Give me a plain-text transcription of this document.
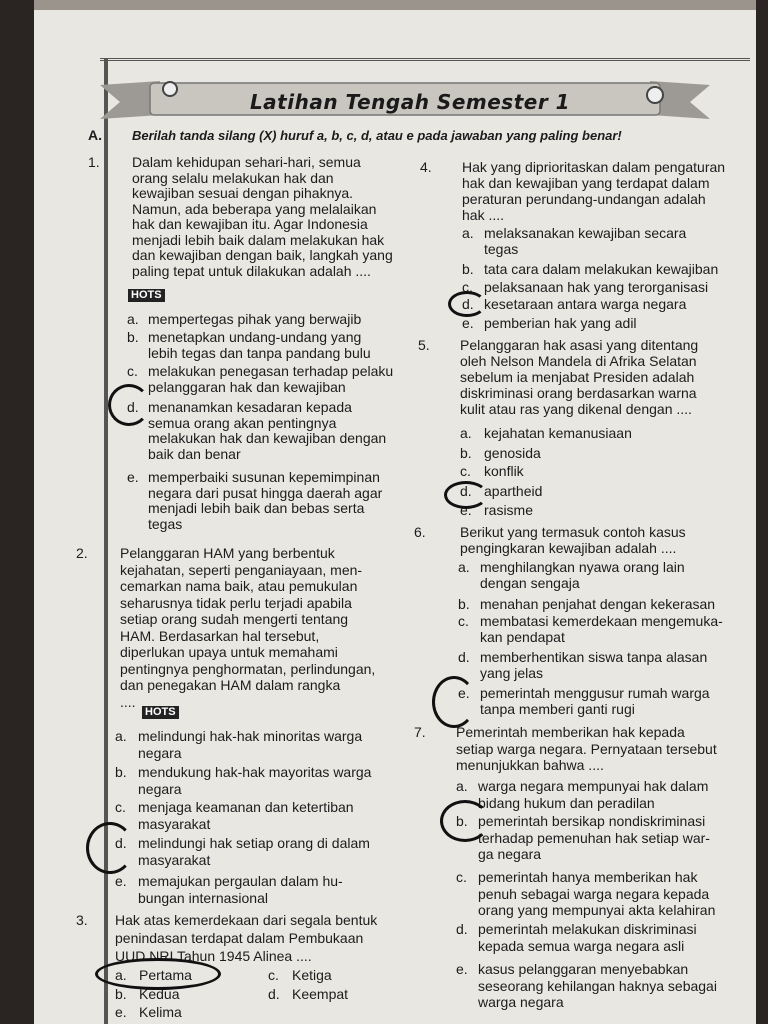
Latihan Tengah Semester 1
A. Berilah tanda silang (X) huruf a, b, c, d, atau e pada jawaban yang paling benar!
1. Dalam kehidupan sehari-hari, semua
orang selalu melakukan hak dan
kewajiban sesuai dengan pihaknya.
Namun, ada beberapa yang melalaikan
hak dan kewajiban itu. Agar Indonesia
menjadi lebih baik dalam melakukan hak
dan kewajiban dengan baik, langkah yang
paling tepat untuk dilakukan adalah ....
a. mempertegas pihak yang berwajib
b. menetapkan undang-undang yang
lebih tegas dan tanpa pandang bulu
c. melakukan penegasan terhadap pelaku
pelanggaran hak dan kewajiban
d. menanamkan kesadaran kepada
semua orang akan pentingnya
melakukan hak dan kewajiban dengan
baik dan benar
e. memperbaiki susunan kepemimpinan
negara dari pusat hingga daerah agar
menjadi lebih baik dan bebas serta
tegas
HOTS
2. Pelanggaran HAM yang berbentuk
kejahatan, seperti penganiayaan, men-
cemarkan nama baik, atau pemukulan
seharusnya tidak perlu terjadi apabila
setiap orang sudah mengerti tentang
HAM. Berdasarkan hal tersebut,
diperlukan upaya untuk memahami
pentingnya penghormatan, perlindungan,
dan penegakan HAM dalam rangka
....
a. melindungi hak-hak minoritas warga
negara
b. mendukung hak-hak mayoritas warga
negara
c. menjaga keamanan dan ketertiban
masyarakat
d. melindungi hak setiap orang di dalam
masyarakat
e. memajukan pergaulan dalam hu-
bungan internasional
HOTS
3. Hak atas kemerdekaan dari segala bentuk
penindasan terdapat dalam Pembukaan
UUD NRI Tahun 1945 Alinea ....
a. Pertama	c. Ketiga
b. Kedua	d. Keempat
e. Kelima
4. Hak yang diprioritaskan dalam pengaturan
hak dan kewajiban yang terdapat dalam
peraturan perundang-undangan adalah
hak ....
a. melaksanakan kewajiban secara
tegas
b. tata cara dalam melakukan kewajiban
c. pelaksanaan hak yang terorganisasi
d. kesetaraan antara warga negara
e. pemberian hak yang adil
5. Pelanggaran hak asasi yang ditentang
oleh Nelson Mandela di Afrika Selatan
sebelum ia menjabat Presiden adalah
diskriminasi orang berdasarkan warna
kulit atau ras yang dikenal dengan ....
a. kejahatan kemanusiaan
b. genosida
c. konflik
d. apartheid
e. rasisme
6. Berikut yang termasuk contoh kasus
pengingkaran kewajiban adalah ....
a. menghilangkan nyawa orang lain
dengan sengaja
b. menahan penjahat dengan kekerasan
c. membatasi kemerdekaan mengemuka-
kan pendapat
d. memberhentikan siswa tanpa alasan
yang jelas
e. pemerintah menggusur rumah warga
tanpa memberi ganti rugi
7. Pemerintah memberikan hak kepada
setiap warga negara. Pernyataan tersebut
menunjukkan bahwa ....
a. warga negara mempunyai hak dalam
bidang hukum dan peradilan
b. pemerintah bersikap nondiskriminasi
terhadap pemenuhan hak setiap war-
ga negara
c. pemerintah hanya memberikan hak
penuh sebagai warga negara kepada
orang yang mempunyai akta kelahiran
d. pemerintah melakukan diskriminasi
kepada semua warga negara asli
e. kasus pelanggaran menyebabkan
seseorang kehilangan haknya sebagai
warga negara
